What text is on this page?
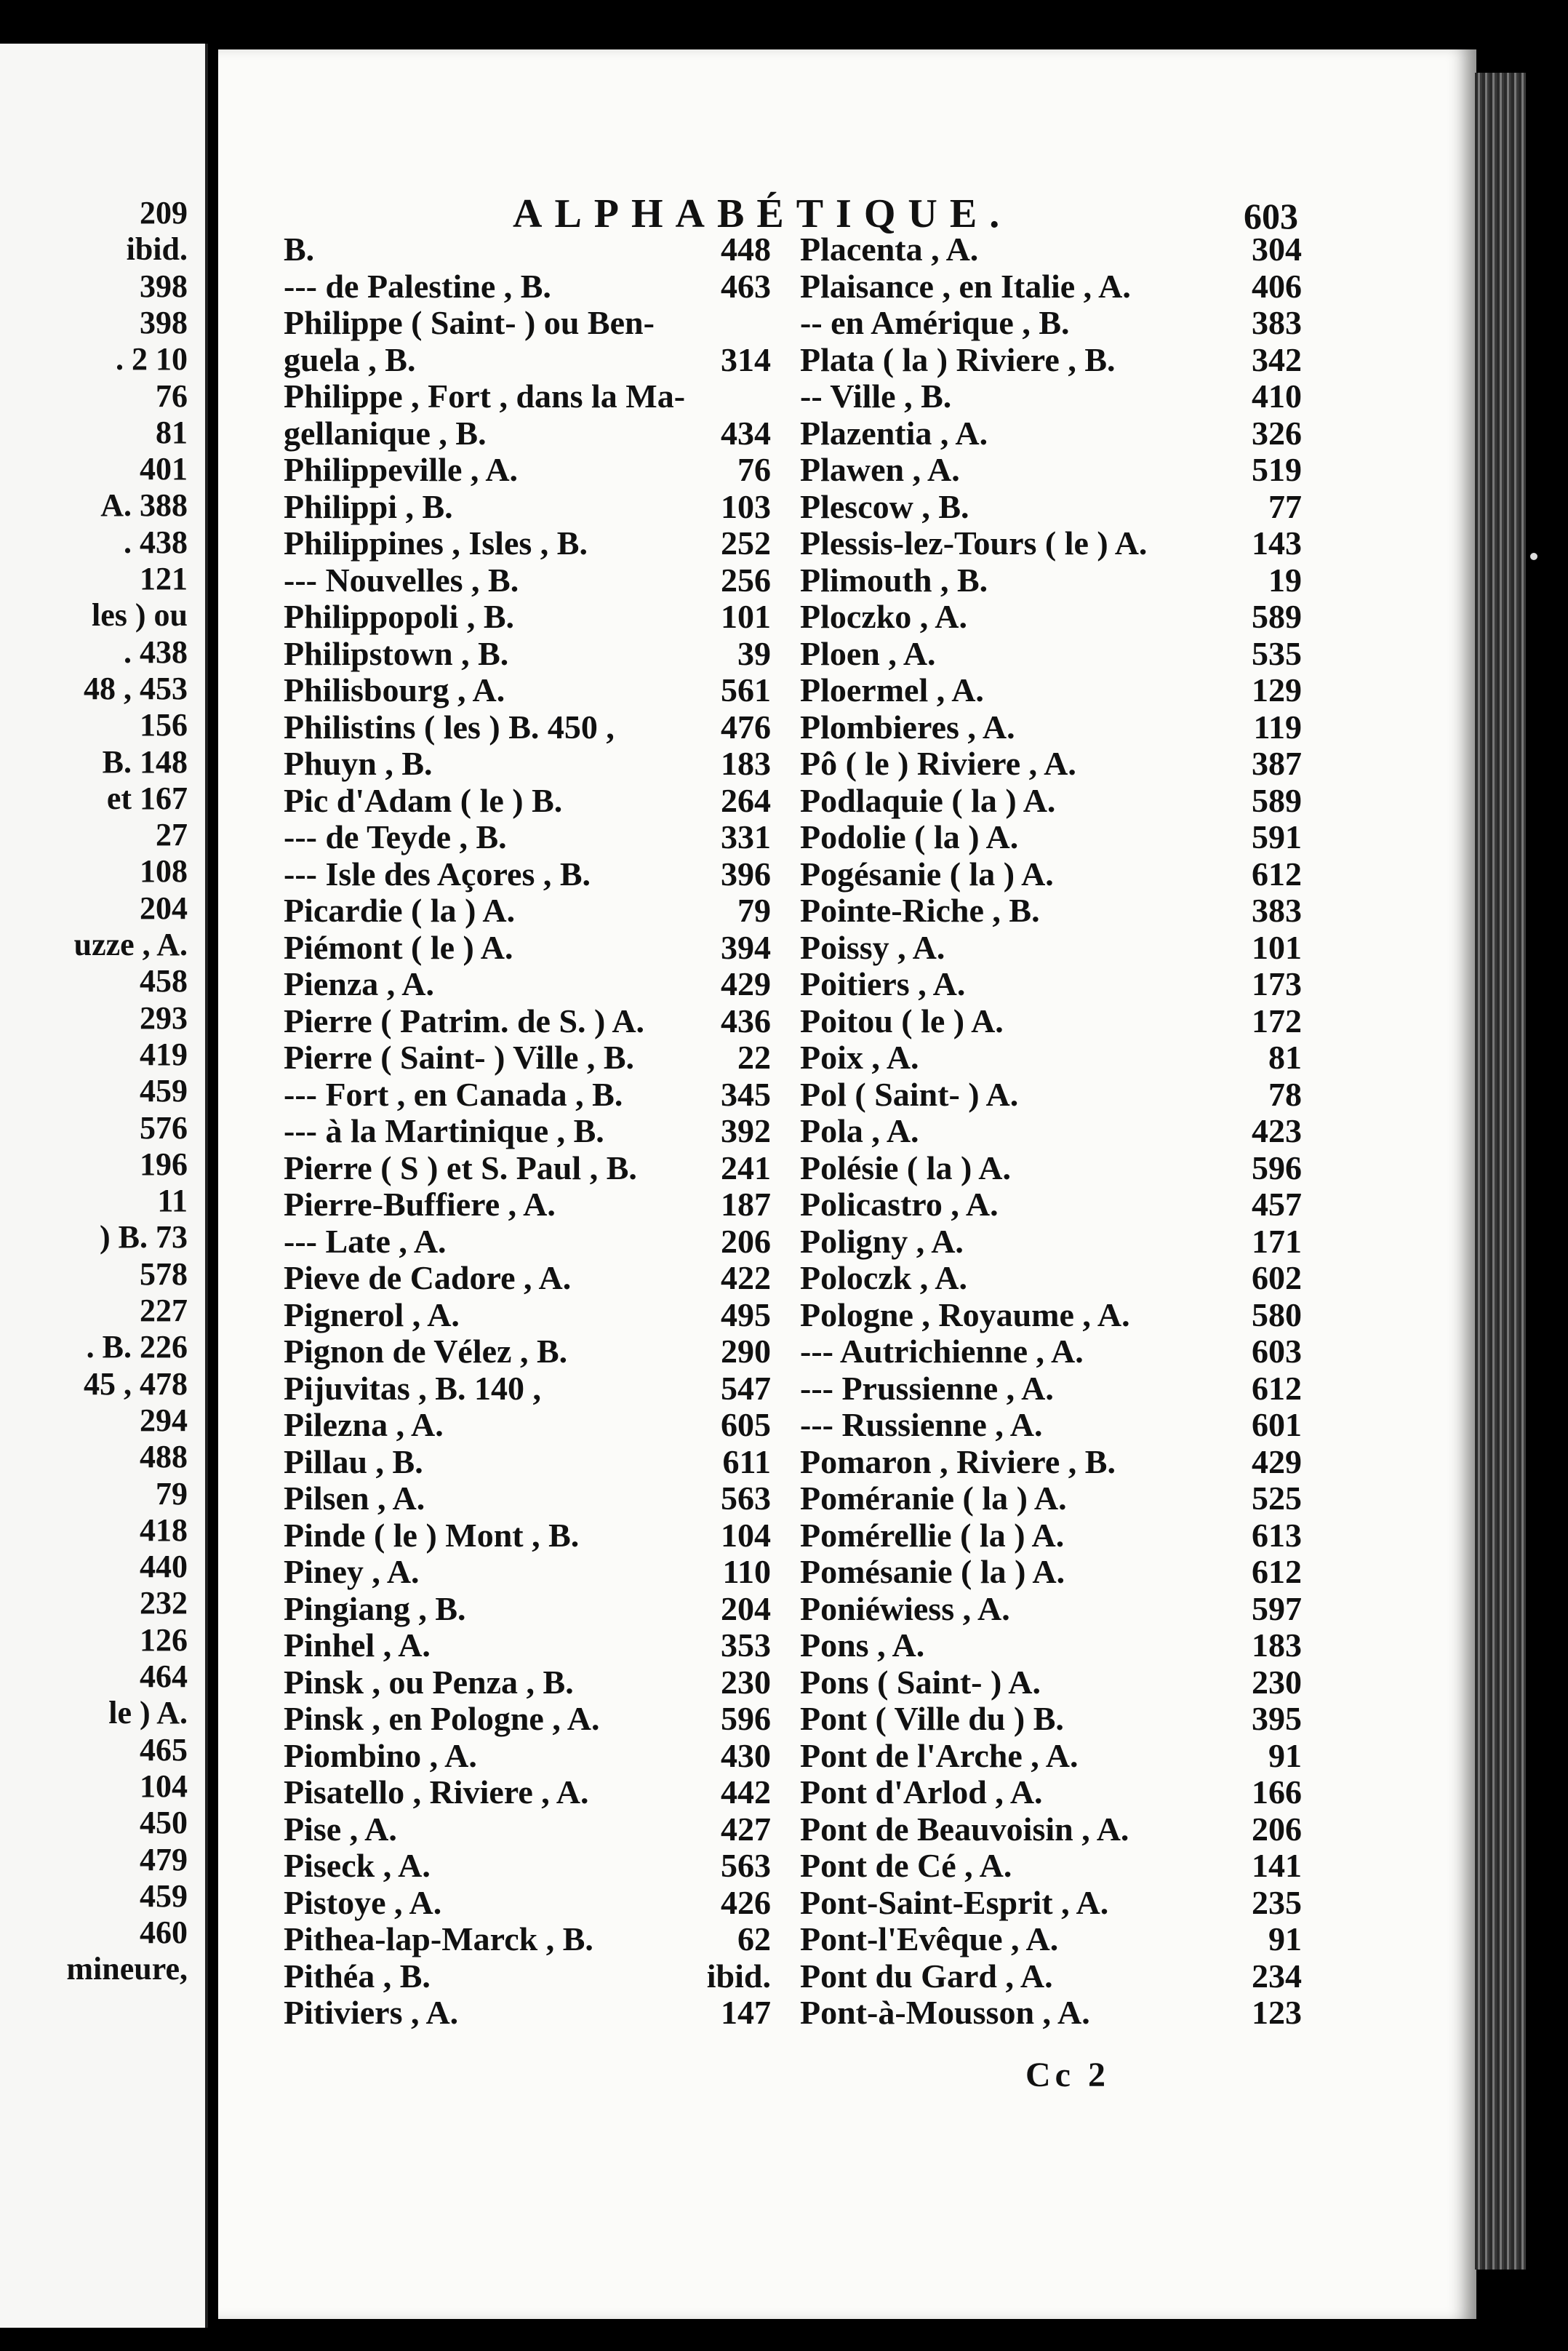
209
ibid.
398
398
. 2 10
76
81
401
A. 388
. 438
121
les ) ou
. 438
48 , 453
156
B. 148
et 167
27
108
204
uzze , A.
458
293
419
459
576
196
11
) B. 73
578
227
. B. 226
45 , 478
294
488
79
418
440
232
126
464
le ) A.
465
104
450
479
459
460
mineure,
ALPHABÉTIQUE.	603
B.	448
--- de Palestine , B.	463
Philippe ( Saint- ) ou Ben-
guela , B.	314
Philippe , Fort , dans la Ma-
gellanique , B.	434
Philippeville , A.	76
Philippi , B.	103
Philippines , Isles , B.	252
--- Nouvelles , B.	256
Philippopoli , B.	101
Philipstown , B.	39
Philisbourg , A.	561
Philistins ( les ) B. 450 ,	476
Phuyn , B.	183
Pic d'Adam ( le ) B.	264
--- de Teyde , B.	331
--- Isle des Açores , B.	396
Picardie ( la ) A.	79
Piémont ( le ) A.	394
Pienza , A.	429
Pierre ( Patrim. de S. ) A. 436
Pierre ( Saint- ) Ville , B.	22
--- Fort , en Canada , B.	345
--- à la Martinique , B.	392
Pierre ( S ) et S. Paul , B.	241
Pierre-Buffiere , A.	187
--- Late , A.	206
Pieve de Cadore , A.	422
Pignerol , A.	495
Pignon de Vélez , B.	290
Pijuvitas , B. 140 ,	547
Pilezna , A.	605
Pillau , B.	611
Pilsen , A.	563
Pinde ( le ) Mont , B.	104
Piney , A.	110
Pingiang , B.	204
Pinhel , A.	353
Pinsk , ou Penza , B.	230
Pinsk , en Pologne , A.	596
Piombino , A.	430
Pisatello , Riviere , A.	442
Pise , A.	427
Piseck , A.	563
Pistoye , A.	426
Pithea-lap-Marck , B.	62
Pithéa , B.	ibid.
Pitiviers , A.	147
Placenta , A.	304
Plaisance , en Italie , A.	406
-- en Amérique , B.	383
Plata ( la ) Riviere , B.	342
-- Ville , B.	410
Plazentia , A.	326
Plawen , A.	519
Plescow , B.	77
Plessis-lez-Tours ( le ) A.	143
Plimouth , B.	19
Ploczko , A.	589
Ploen , A.	535
Ploermel , A.	129
Plombieres , A.	119
Pô ( le ) Riviere , A.	387
Podlaquie ( la ) A.	589
Podolie ( la ) A.	591
Pogésanie ( la ) A.	612
Pointe-Riche , B.	383
Poissy , A.	101
Poitiers , A.	173
Poitou ( le ) A.	172
Poix , A.	81
Pol ( Saint- ) A.	78
Pola , A.	423
Polésie ( la ) A.	596
Policastro , A.	457
Poligny , A.	171
Poloczk , A.	602
Pologne , Royaume , A.	580
--- Autrichienne , A.	603
--- Prussienne , A.	612
--- Russienne , A.	601
Pomaron , Riviere , B.	429
Poméranie ( la ) A.	525
Pomérellie ( la ) A.	613
Pomésanie ( la ) A.	612
Poniéwiess , A.	597
Pons , A.	183
Pons ( Saint- ) A.	230
Pont ( Ville du ) B.	395
Pont de l'Arche , A.	91
Pont d'Arlod , A.	166
Pont de Beauvoisin , A.	206
Pont de Cé , A.	141
Pont-Saint-Esprit , A.	235
Pont-l'Evêque , A.	91
Pont du Gard , A.	234
Pont-à-Mousson , A.	123
Cc 2
